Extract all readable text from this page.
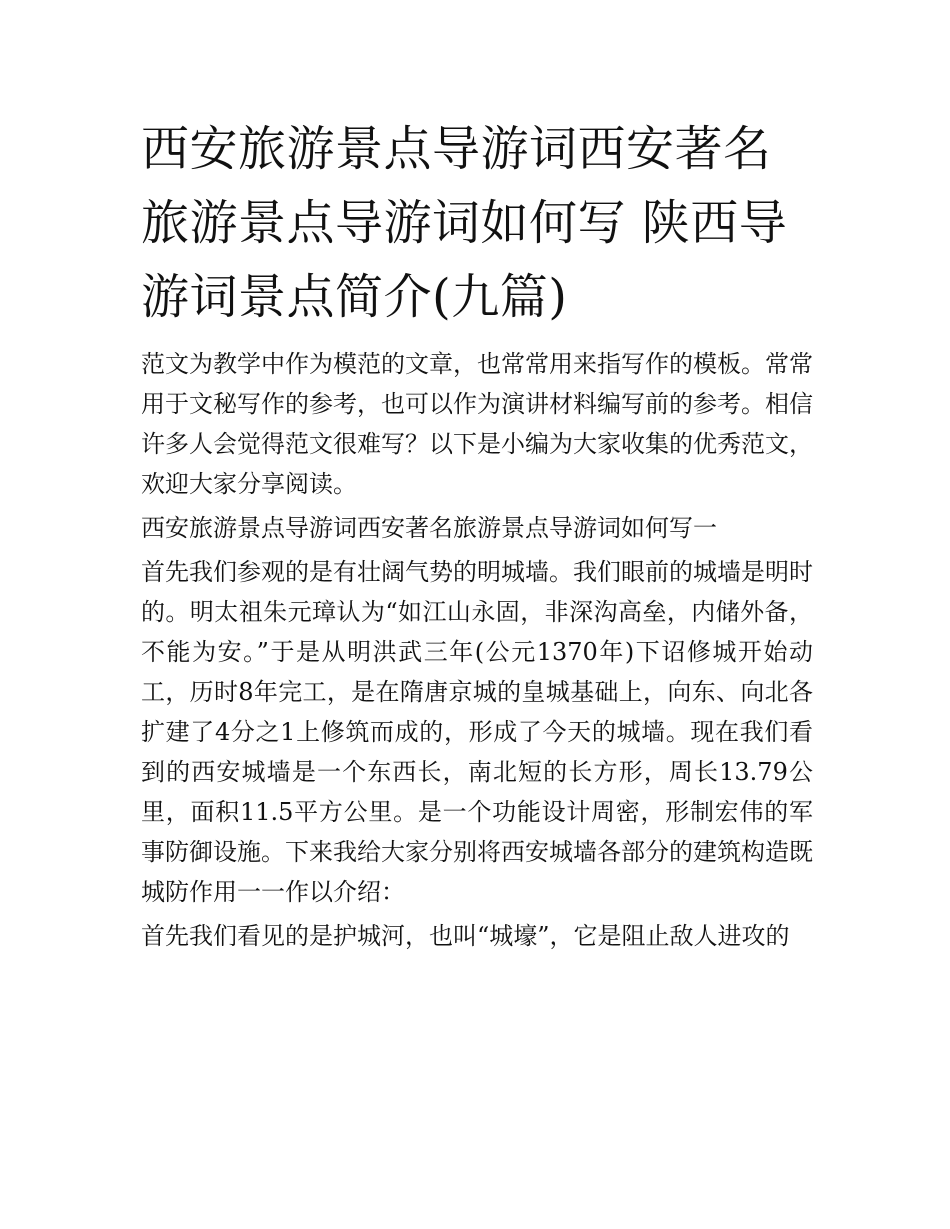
西安旅游景点导游词西安著名旅游景点导游词如何写 陕西导游词景点简介(九篇)

范文为教学中作为模范的文章，也常常用来指写作的模板。常常用于文秘写作的参考，也可以作为演讲材料编写前的参考。相信许多人会觉得范文很难写？以下是小编为大家收集的优秀范文，欢迎大家分享阅读。

西安旅游景点导游词西安著名旅游景点导游词如何写一

首先我们参观的是有壮阔气势的明城墙。我们眼前的城墙是明时的。明太祖朱元璋认为“如江山永固，非深沟高垒，内储外备，不能为安。”于是从明洪武三年(公元1370年)下诏修城开始动工，历时8年完工，是在隋唐京城的皇城基础上，向东、向北各扩建了4分之1上修筑而成的，形成了今天的城墙。现在我们看到的西安城墙是一个东西长，南北短的长方形，周长13.79公里，面积11.5平方公里。是一个功能设计周密，形制宏伟的军事防御设施。下来我给大家分别将西安城墙各部分的建筑构造既城防作用一一作以介绍：

首先我们看见的是护城河，也叫“城壕”，它是阻止敌人进攻的
